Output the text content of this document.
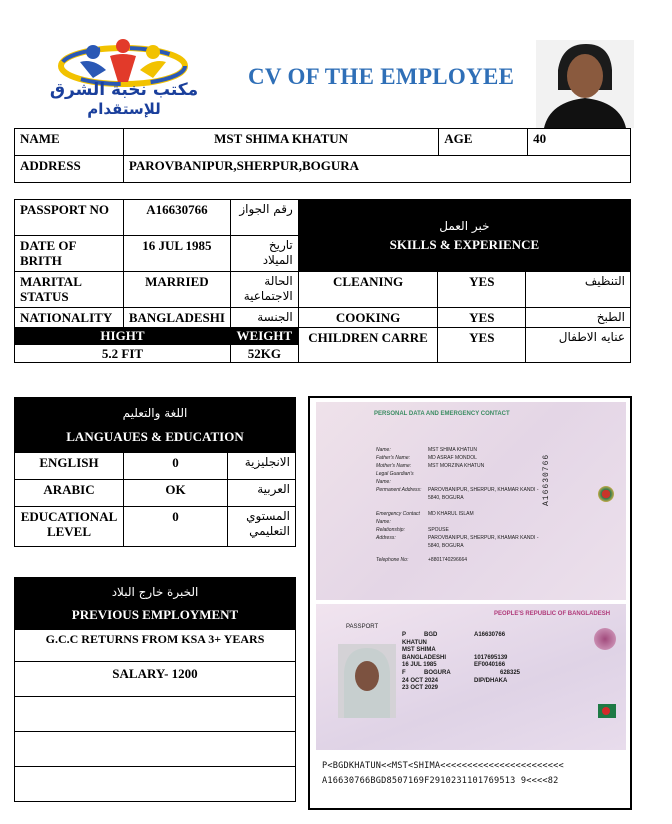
مكتب نخبة الشرق
للإستقدام
CV OF THE EMPLOYEE
NAME	MST SHIMA KHATUN	AGE	40
ADDRESS	PAROVBANIPUR,SHERPUR,BOGURA		
PASSPORT NO	A16630766	رقم الجواز	خبر العمل
SKILLS & EXPERIENCE		

DATE OF BRITH	16 JUL 1985	تاريخ الميلاد			
MARITAL STATUS	MARRIED	الحالة الاجتماعية	CLEANING	YES	التنظيف
NATIONALITY	BANGLADESHI	الجنسة	COOKING	YES	الطبخ
HIGHT		WEIGHT	CHILDREN CARRE	YES	عنايه الاطفال
5.2 FIT		52KG			
اللغة والتعليم
LANGUAUES & EDUCATION		

ENGLISH	0	الانجليزية
ARABIC	OK	العربية
EDUCATIONAL LEVEL	0	المستوي التعليمي
الخبرة خارج البلاد
PREVIOUS EMPLOYMENT

G.C.C RETURNS FROM KSA 3+ YEARS
SALARY- 1200

PERSONAL DATA AND EMERGENCY CONTACT
Name:	MST SHIMA KHATUN
Father's Name:	MD ASRAF MONDOL
Mother's Name:	MST MORZINA KHATUN
Legal Guardian's Name:
Permanent Address:	PAROVBANIPUR, SHERPUR, KHAMAR KANDI - 5840, BOGURA
Emergency Contact Name:
MD KHARUL ISLAM
Relationship:	SPOUSE
Address:	PAROVBANIPUR, SHERPUR, KHAMAR KANDI - 5840, BOGURA
Telephone No:	+8801740296664
A16630766
PEOPLE'S REPUBLIC OF BANGLADESH
PASSPORT
P	BGD	A16630766
KHATUN
MST SHIMA
BANGLADESHI	1017695139
16 JUL 1985	EF0040166
F	BOGURA	628325
24 OCT 2024	DIP/DHAKA
23 OCT 2029
P<BGDKHATUN<<MST<SHIMA<<<<<<<<<<<<<<<<<<<<<<<
A16630766BGD8507169F2910231101769513 9<<<<82
